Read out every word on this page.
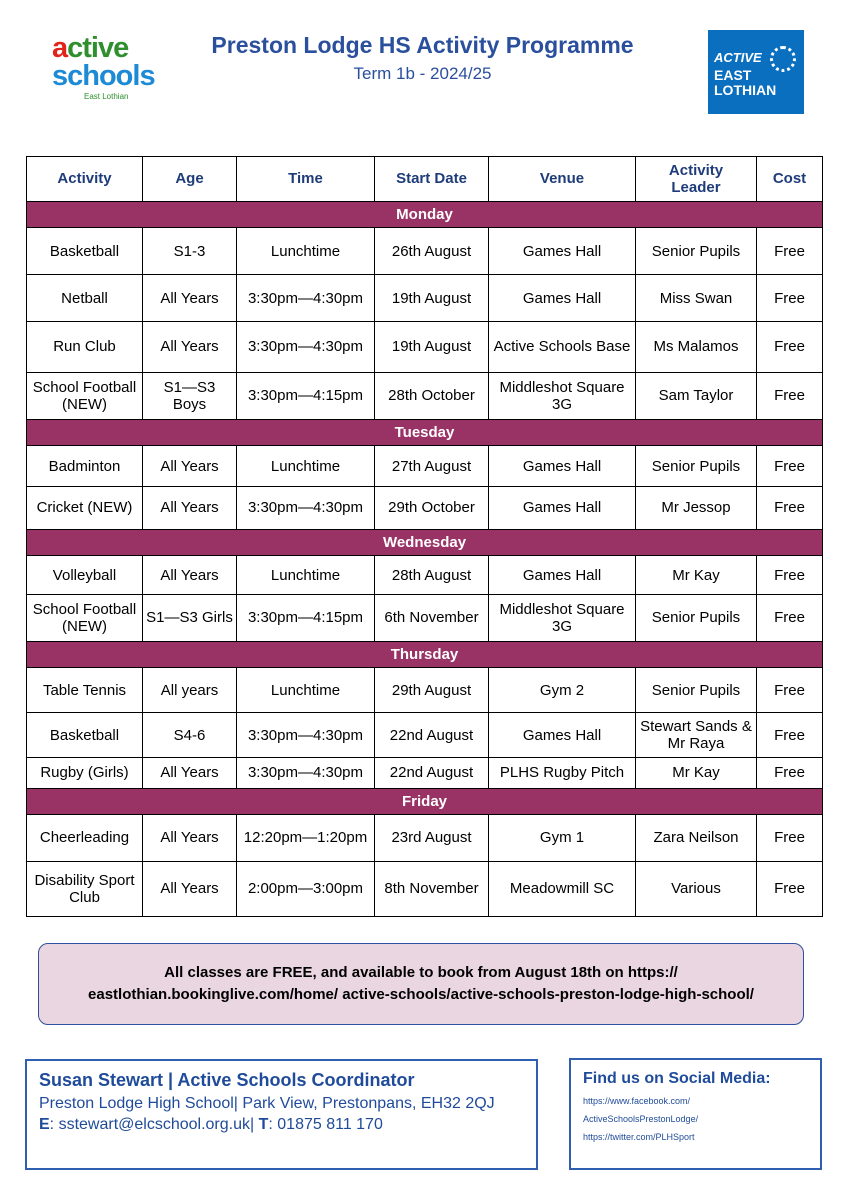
active
schools
East Lothian
Preston Lodge HS Activity Programme
Term 1b - 2024/25
ACTIVE
EAST
LOTHIAN
Activity	Age	Time	Start Date	Venue	Activity Leader	Cost
Monday						
Basketball	S1-3	Lunchtime	26th August	Games Hall	Senior Pupils	Free
Netball	All Years	3:30pm—4:30pm	19th August	Games Hall	Miss Swan	Free
Run Club	All Years	3:30pm—4:30pm	19th August	Active Schools Base	Ms Malamos	Free
School Football (NEW)	S1—S3 Boys	3:30pm—4:15pm	28th October	Middleshot Square 3G	Sam Taylor	Free
Tuesday						
Badminton	All Years	Lunchtime	27th August	Games Hall	Senior Pupils	Free
Cricket (NEW)	All Years	3:30pm—4:30pm	29th October	Games Hall	Mr Jessop	Free
Wednesday						
Volleyball	All Years	Lunchtime	28th August	Games Hall	Mr Kay	Free
School Football (NEW)	S1—S3 Girls	3:30pm—4:15pm	6th November	Middleshot Square 3G	Senior Pupils	Free
Thursday						
Table Tennis	All years	Lunchtime	29th August	Gym 2	Senior Pupils	Free
Basketball	S4-6	3:30pm—4:30pm	22nd August	Games Hall	Stewart Sands & Mr Raya	Free
Rugby (Girls)	All Years	3:30pm—4:30pm	22nd August	PLHS Rugby Pitch	Mr Kay	Free
Friday						
Cheerleading	All Years	12:20pm—1:20pm	23rd August	Gym 1	Zara Neilson	Free
Disability Sport Club	All Years	2:00pm—3:00pm	8th November	Meadowmill SC	Various	Free
All classes are FREE, and available to book from August 18th on https://
eastlothian.bookinglive.com/home/ active-schools/active-schools-preston-lodge-high-school/
Susan Stewart | Active Schools Coordinator
Preston Lodge High School| Park View, Prestonpans, EH32 2QJ
E: sstewart@elcschool.org.uk| T: 01875 811 170
Find us on Social Media:
https://www.facebook.com/
ActiveSchoolsPrestonLodge/
https://twitter.com/PLHSport
